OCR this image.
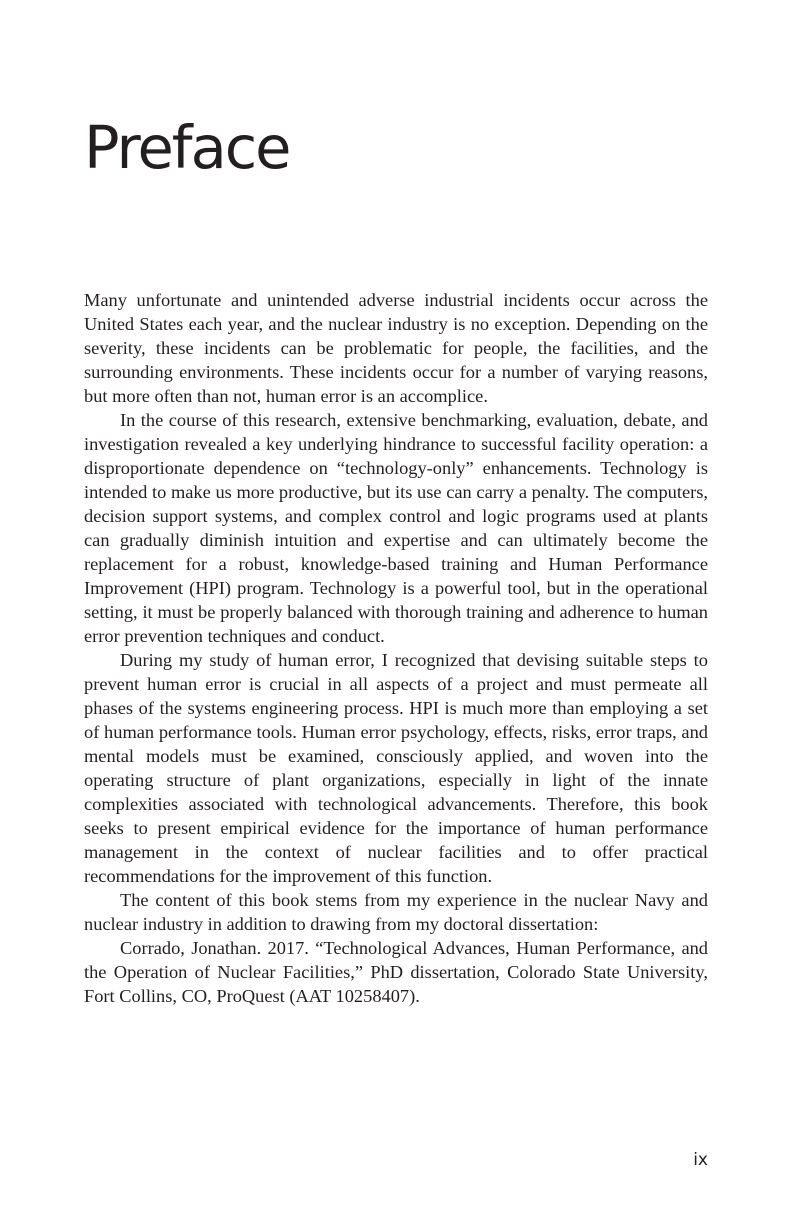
Preface

Many unfortunate and unintended adverse industrial incidents occur across the United States each year, and the nuclear industry is no exception. Depending on the severity, these incidents can be problematic for people, the facilities, and the surrounding environments. These incidents occur for a number of varying reasons, but more often than not, human error is an accomplice.

In the course of this research, extensive benchmarking, evaluation, debate, and investigation revealed a key underlying hindrance to successful facility operation: a disproportionate dependence on “technology-only” enhancements. Technology is intended to make us more productive, but its use can carry a penalty. The computers, decision support systems, and complex control and logic programs used at plants can gradually diminish intuition and expertise and can ultimately become the replacement for a robust, knowledge-based training and Human Performance Improvement (HPI) program. Technology is a powerful tool, but in the operational setting, it must be properly balanced with thorough training and adherence to human error prevention techniques and conduct.

During my study of human error, I recognized that devising suitable steps to prevent human error is crucial in all aspects of a project and must permeate all phases of the systems engineering process. HPI is much more than employing a set of human performance tools. Human error psychology, effects, risks, error traps, and mental models must be examined, consciously applied, and woven into the operating structure of plant organizations, especially in light of the innate complexities associated with technological advancements. Therefore, this book seeks to present empirical evidence for the importance of human performance management in the context of nuclear facilities and to offer practical recommendations for the improvement of this function.

The content of this book stems from my experience in the nuclear Navy and nuclear industry in addition to drawing from my doctoral dissertation:

Corrado, Jonathan. 2017. “Technological Advances, Human Performance, and the Operation of Nuclear Facilities,” PhD dissertation, Colorado State University, Fort Collins, CO, ProQuest (AAT 10258407).

ix
